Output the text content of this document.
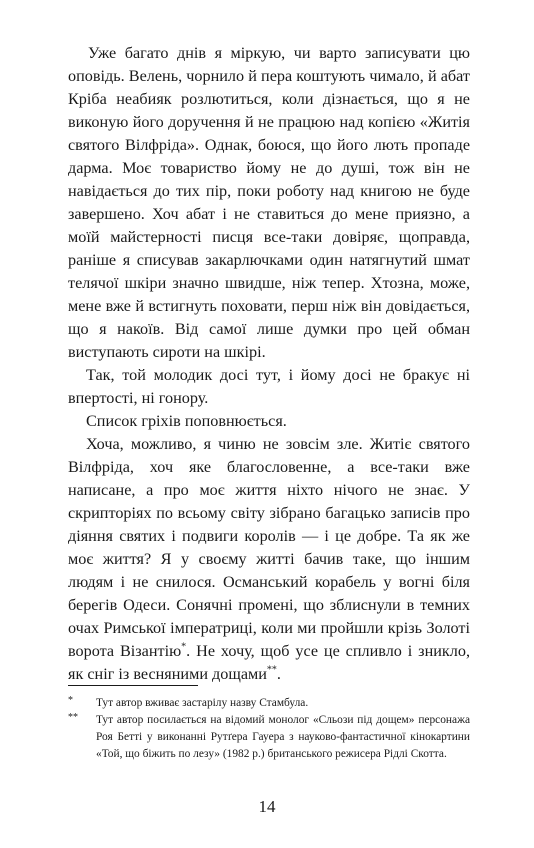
Уже багато днів я міркую, чи варто записувати цю оповідь. Велень, чорнило й пера коштують чимало, й абат Кріба неабияк розлютиться, коли дізнається, що я не виконую його доручення й не працюю над копією «Житія святого Вілфріда». Однак, боюся, що його лють пропаде дарма. Моє товариство йому не до душі, тож він не навідається до тих пір, поки роботу над книгою не буде завершено. Хоч абат і не ставиться до мене приязно, а моїй майстерності писця все-таки довіряє, щоправда, раніше я списував закарлючками один натягнутий шмат телячої шкіри значно швидше, ніж тепер. Хтозна, може, мене вже й встигнуть поховати, перш ніж він довідається, що я накоїв. Від самої лише думки про цей обман виступають сироти на шкірі.

Так, той молодик досі тут, і йому досі не бракує ні впертості, ні гонору.

Список гріхів поповнюється.

Хоча, можливо, я чиню не зовсім зле. Житіє святого Вілфріда, хоч яке благословенне, а все-таки вже написане, а про моє життя ніхто нічого не знає. У скрипторіях по всьому світу зібрано багацько записів про діяння святих і подвиги королів — і це добре. Та як же моє життя? Я у своєму житті бачив таке, що іншим людям і не снилося. Османський корабель у вогні біля берегів Одеси. Сонячні промені, що зблиснули в темних очах Римської імператриці, коли ми пройшли крізь Золоті ворота Візантію*. Не хочу, щоб усе це спливло і зникло, як сніг із весняними дощами**.

* Тут автор вживає застарілу назву Стамбула.

** Тут автор посилається на відомий монолог «Сльози під дощем» персонажа Роя Бетті у виконанні Рутґера Гауера з науково-фантастичної кінокартини «Той, що біжить по лезу» (1982 р.) британського режисера Рідлі Скотта.

14
